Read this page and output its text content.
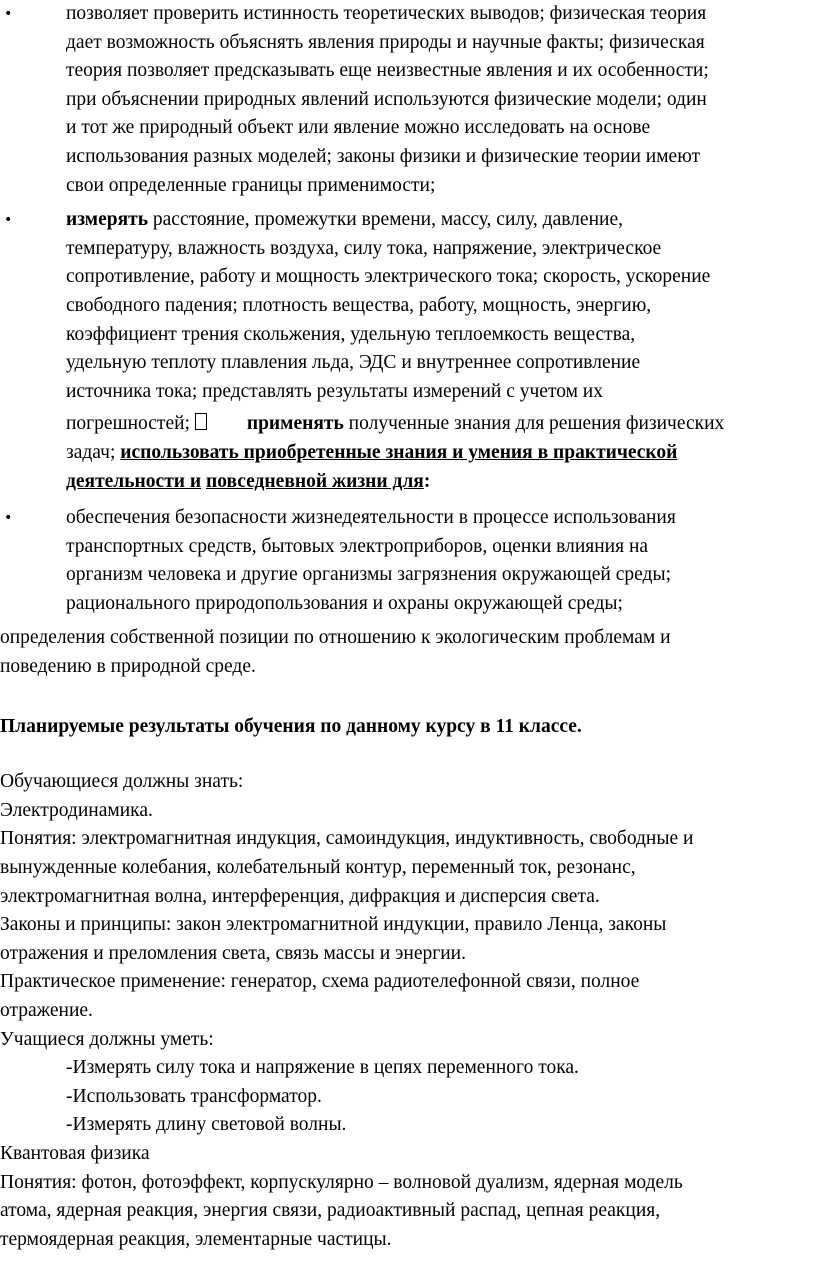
•	позволяет проверить истинность теоретических выводов; физическая теория

дает возможность объяснять явления природы и научные факты; физическая

теория позволяет предсказывать еще неизвестные явления и их особенности;

при объяснении природных явлений используются физические модели; один

и тот же природный объект или явление можно исследовать на основе

использования разных моделей; законы физики и физические теории имеют

свои определенные границы применимости;

•	измерять расстояние, промежутки времени, массу, силу, давление,

температуру, влажность воздуха, силу тока, напряжение, электрическое

сопротивление, работу и мощность электрического тока; скорость, ускорение

свободного падения; плотность вещества, работу, мощность, энергию,

коэффициент трения скольжения, удельную теплоемкость вещества,

удельную теплоту плавления льда, ЭДС и внутреннее сопротивление

источника тока; представлять результаты измерений с учетом их

погрешностей;	применять полученные знания для решения физических

задач; использовать приобретенные знания и умения в практической

деятельности и повседневной жизни для:

•	обеспечения безопасности жизнедеятельности в процессе использования

транспортных средств, бытовых электроприборов, оценки влияния на

организм человека и другие организмы загрязнения окружающей среды;

рационального природопользования и охраны окружающей среды;

определения собственной позиции по отношению к экологическим проблемам и

поведению в природной среде.

Планируемые результаты обучения по данному курсу в 11 классе.

Обучающиеся должны знать:

Электродинамика.

Понятия: электромагнитная индукция, самоиндукция, индуктивность, свободные и

вынужденные колебания, колебательный контур, переменный ток, резонанс,

электромагнитная волна, интерференция, дифракция и дисперсия света.

Законы и принципы: закон электромагнитной индукции, правило Ленца, законы

отражения и преломления света, связь массы и энергии.

Практическое применение: генератор, схема радиотелефонной связи, полное

отражение.

Учащиеся должны уметь:

-Измерять силу тока и напряжение в цепях переменного тока.

-Использовать трансформатор.

-Измерять длину световой волны.

Квантовая физика

Понятия: фотон, фотоэффект, корпускулярно – волновой дуализм, ядерная модель

атома, ядерная реакция, энергия связи, радиоактивный распад, цепная реакция,

термоядерная реакция, элементарные частицы.
